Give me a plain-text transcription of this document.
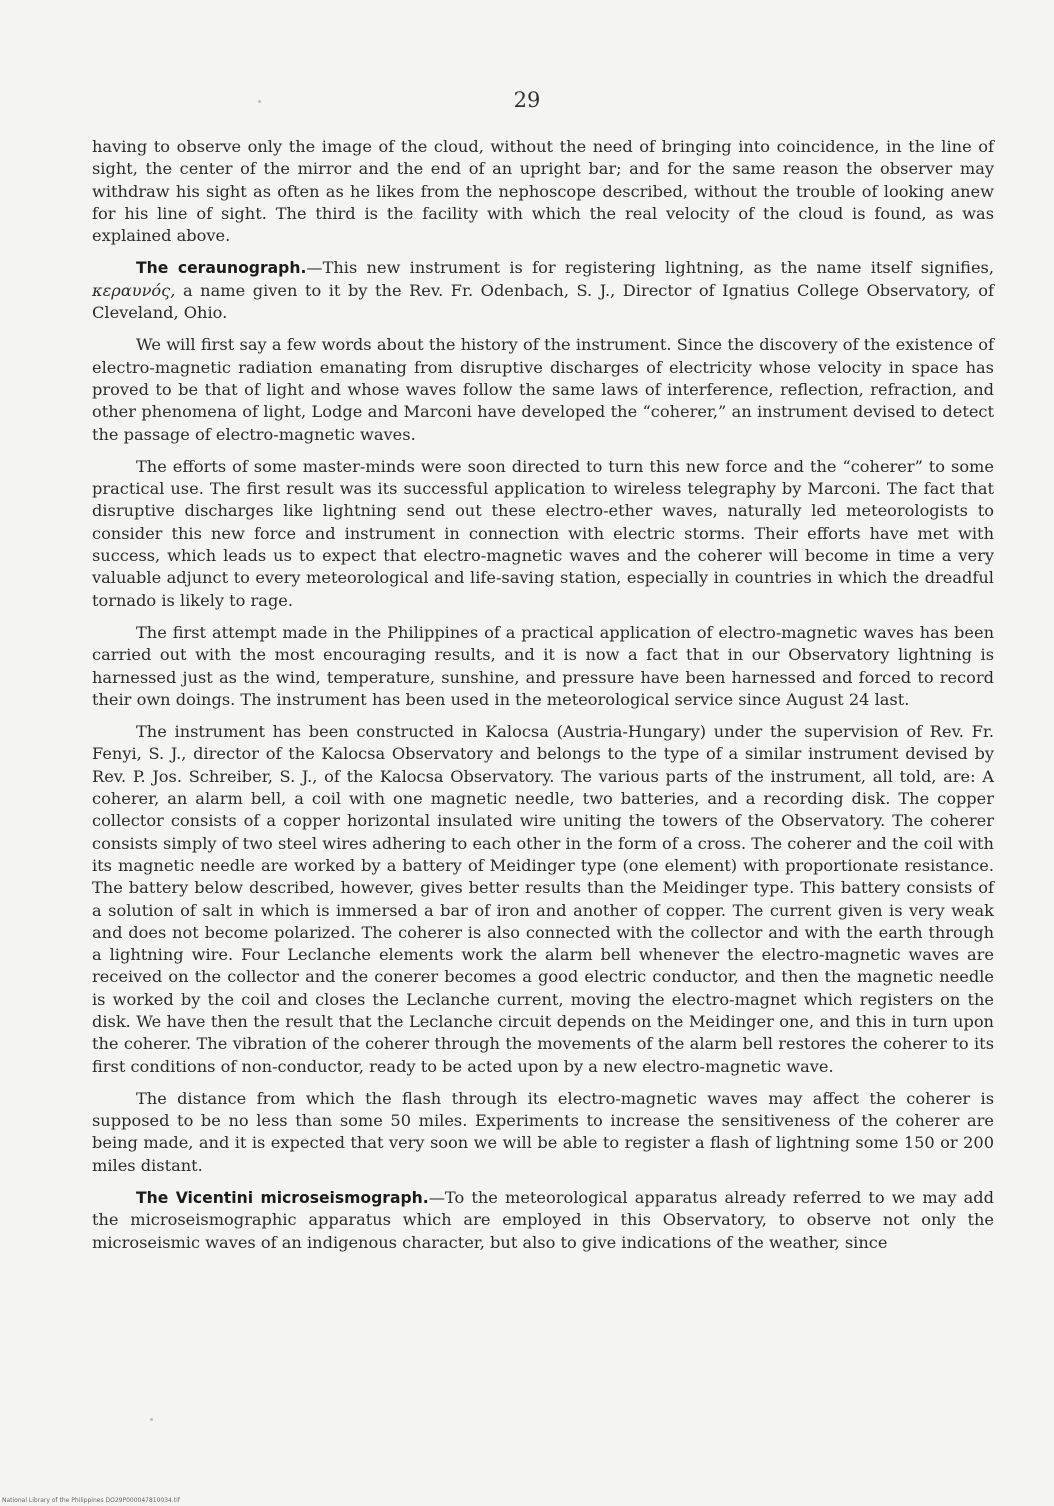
29

having to observe only the image of the cloud, without the need of bringing into coincidence, in the line of sight, the center of the mirror and the end of an upright bar; and for the same reason the observer may withdraw his sight as often as he likes from the nephoscope described, without the trouble of looking anew for his line of sight. The third is the facility with which the real velocity of the cloud is found, as was explained above.

The ceraunograph.—This new instrument is for registering lightning, as the name itself signifies, κεραυνός, a name given to it by the Rev. Fr. Odenbach, S. J., Director of Ignatius College Observatory, of Cleveland, Ohio.

We will first say a few words about the history of the instrument. Since the discovery of the existence of electro-magnetic radiation emanating from disruptive discharges of electricity whose velocity in space has proved to be that of light and whose waves follow the same laws of interference, reflection, refraction, and other phenomena of light, Lodge and Marconi have developed the “coherer,” an instrument devised to detect the passage of electro-magnetic waves.

The efforts of some master-minds were soon directed to turn this new force and the “coherer” to some practical use. The first result was its successful application to wireless telegraphy by Marconi. The fact that disruptive discharges like lightning send out these electro-ether waves, naturally led meteorologists to consider this new force and instrument in connection with electric storms. Their efforts have met with success, which leads us to expect that electro-magnetic waves and the coherer will become in time a very valuable adjunct to every meteorological and life-saving station, especially in countries in which the dreadful tornado is likely to rage.

The first attempt made in the Philippines of a practical application of electro-magnetic waves has been carried out with the most encouraging results, and it is now a fact that in our Observatory lightning is harnessed just as the wind, temperature, sunshine, and pressure have been harnessed and forced to record their own doings. The instrument has been used in the meteorological service since August 24 last.

The instrument has been constructed in Kalocsa (Austria-Hungary) under the supervision of Rev. Fr. Fenyi, S. J., director of the Kalocsa Observatory and belongs to the type of a similar instrument devised by Rev. P. Jos. Schreiber, S. J., of the Kalocsa Observatory. The various parts of the instrument, all told, are: A coherer, an alarm bell, a coil with one magnetic needle, two batteries, and a recording disk. The copper collector consists of a copper horizontal insulated wire uniting the towers of the Observatory. The coherer consists simply of two steel wires adhering to each other in the form of a cross. The coherer and the coil with its magnetic needle are worked by a battery of Meidinger type (one element) with proportionate resistance. The battery below described, however, gives better results than the Meidinger type. This battery consists of a solution of salt in which is immersed a bar of iron and another of copper. The current given is very weak and does not become polarized. The coherer is also connected with the collector and with the earth through a lightning wire. Four Leclanche elements work the alarm bell whenever the electro-magnetic waves are received on the collector and the conerer becomes a good electric conductor, and then the magnetic needle is worked by the coil and closes the Leclanche current, moving the electro-magnet which registers on the disk. We have then the result that the Leclanche circuit depends on the Meidinger one, and this in turn upon the coherer. The vibration of the coherer through the movements of the alarm bell restores the coherer to its first conditions of non-conductor, ready to be acted upon by a new electro-magnetic wave.

The distance from which the flash through its electro-magnetic waves may affect the coherer is supposed to be no less than some 50 miles. Experiments to increase the sensitiveness of the coherer are being made, and it is expected that very soon we will be able to register a flash of lightning some 150 or 200 miles distant.

The Vicentini microseismograph.—To the meteorological apparatus already referred to we may add the microseismographic apparatus which are employed in this Observatory, to observe not only the microseismic waves of an indigenous character, but also to give indications of the weather, since

National Library of the Philippines DO29P000047810034.tif
